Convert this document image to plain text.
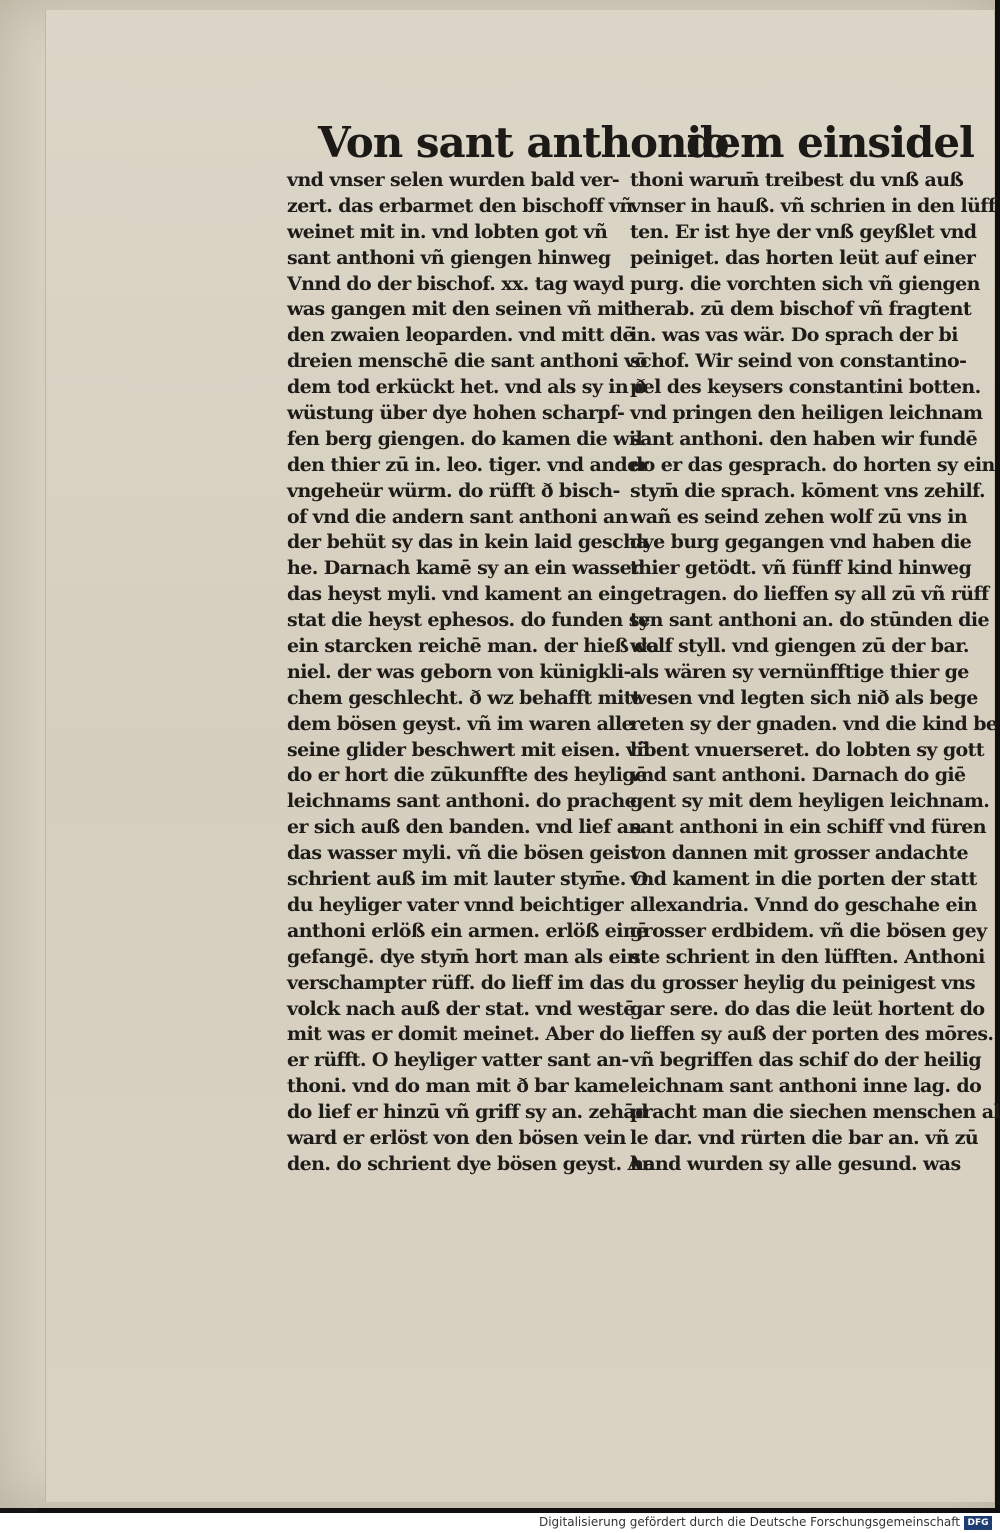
Von sant anthonio
dem einsidel
vnd vnser selen wurden bald ver-
zert. das erbarmet den bischoff vñ
weinet mit in. vnd lobten got vñ
sant anthoni vñ giengen hinweg
Vnnd do der bischof. xx. tag wayd
was gangen mit den seinen vñ mit
den zwaien leoparden. vnd mitt dē
dreien menschē die sant anthoni vō
dem tod erkückt het. vnd als sy in ð
wüstung über dye hohen scharpf-
fen berg giengen. do kamen die wil
den thier zū in. leo. tiger. vnd ander
vngeheür würm. do rüfft ð bisch-
of vnd die andern sant anthoni an
der behüt sy das in kein laid gescha
he. Darnach kamē sy an ein wasser
das heyst myli. vnd kament an ein
stat die heyst ephesos. do funden sy
ein starcken reichē man. der hieß da
niel. der was geborn von künigkli-
chem geschlecht. ð wz behafft mitt
dem bösen geyst. vñ im waren alle
seine glider beschwert mit eisen. vñ
do er hort die zūkunffte des heyligē
leichnams sant anthoni. do prache
er sich auß den banden. vnd lief an
das wasser myli. vñ die bösen geist
schrient auß im mit lauter stym̄e. O
du heyliger vater vnnd beichtiger
anthoni erlöß ein armen. erlöß einē
gefangē. dye stym̄ hort man als ein
verschampter rüff. do lieff im das
volck nach auß der stat. vnd westē
mit was er domit meinet. Aber do
er rüfft. O heyliger vatter sant an-
thoni. vnd do man mit ð bar kame
do lief er hinzū vñ griff sy an. zehād
ward er erlöst von den bösen vein
den. do schrient dye bösen geyst. An
thoni warum̄ treibest du vnß auß
vnser in hauß. vñ schrien in den lüff
ten. Er ist hye der vnß geyßlet vnd
peiniget. das horten leüt auf einer
purg. die vorchten sich vñ giengen
herab. zū dem bischof vñ fragtent
in. was vas wär. Do sprach der bi
schof. Wir seind von constantino-
pel des keysers constantini botten.
vnd pringen den heiligen leichnam
sant anthoni. den haben wir fundē
do er das gesprach. do horten sy ein
stym̄ die sprach. kōment vns zehilf.
wañ es seind zehen wolf zū vns in
dye burg gegangen vnd haben die
thier getödt. vñ fünff kind hinweg
getragen. do lieffen sy all zū vñ rüff
ten sant anthoni an. do stūnden die
wolf styll. vnd giengen zū der bar.
als wären sy vernünfftige thier ge
wesen vnd legten sich nið als bege
reten sy der gnaden. vnd die kind be
libent vnuerseret. do lobten sy gott
vnd sant anthoni. Darnach do giē
gent sy mit dem heyligen leichnam.
sant anthoni in ein schiff vnd füren
von dannen mit grosser andachte
vnd kament in die porten der statt
allexandria. Vnnd do geschahe ein
grosser erdbidem. vñ die bösen gey
ste schrient in den lüfften. Anthoni
du grosser heylig du peinigest vns
gar sere. do das die leüt hortent do
lieffen sy auß der porten des mōres.
vñ begriffen das schif do der heilig
leichnam sant anthoni inne lag. do
pracht man die siechen menschen al
le dar. vnd rürten die bar an. vñ zū
hand wurden sy alle gesund. was
Digitalisierung gefördert durch die Deutsche Forschungsgemeinschaft DFG
